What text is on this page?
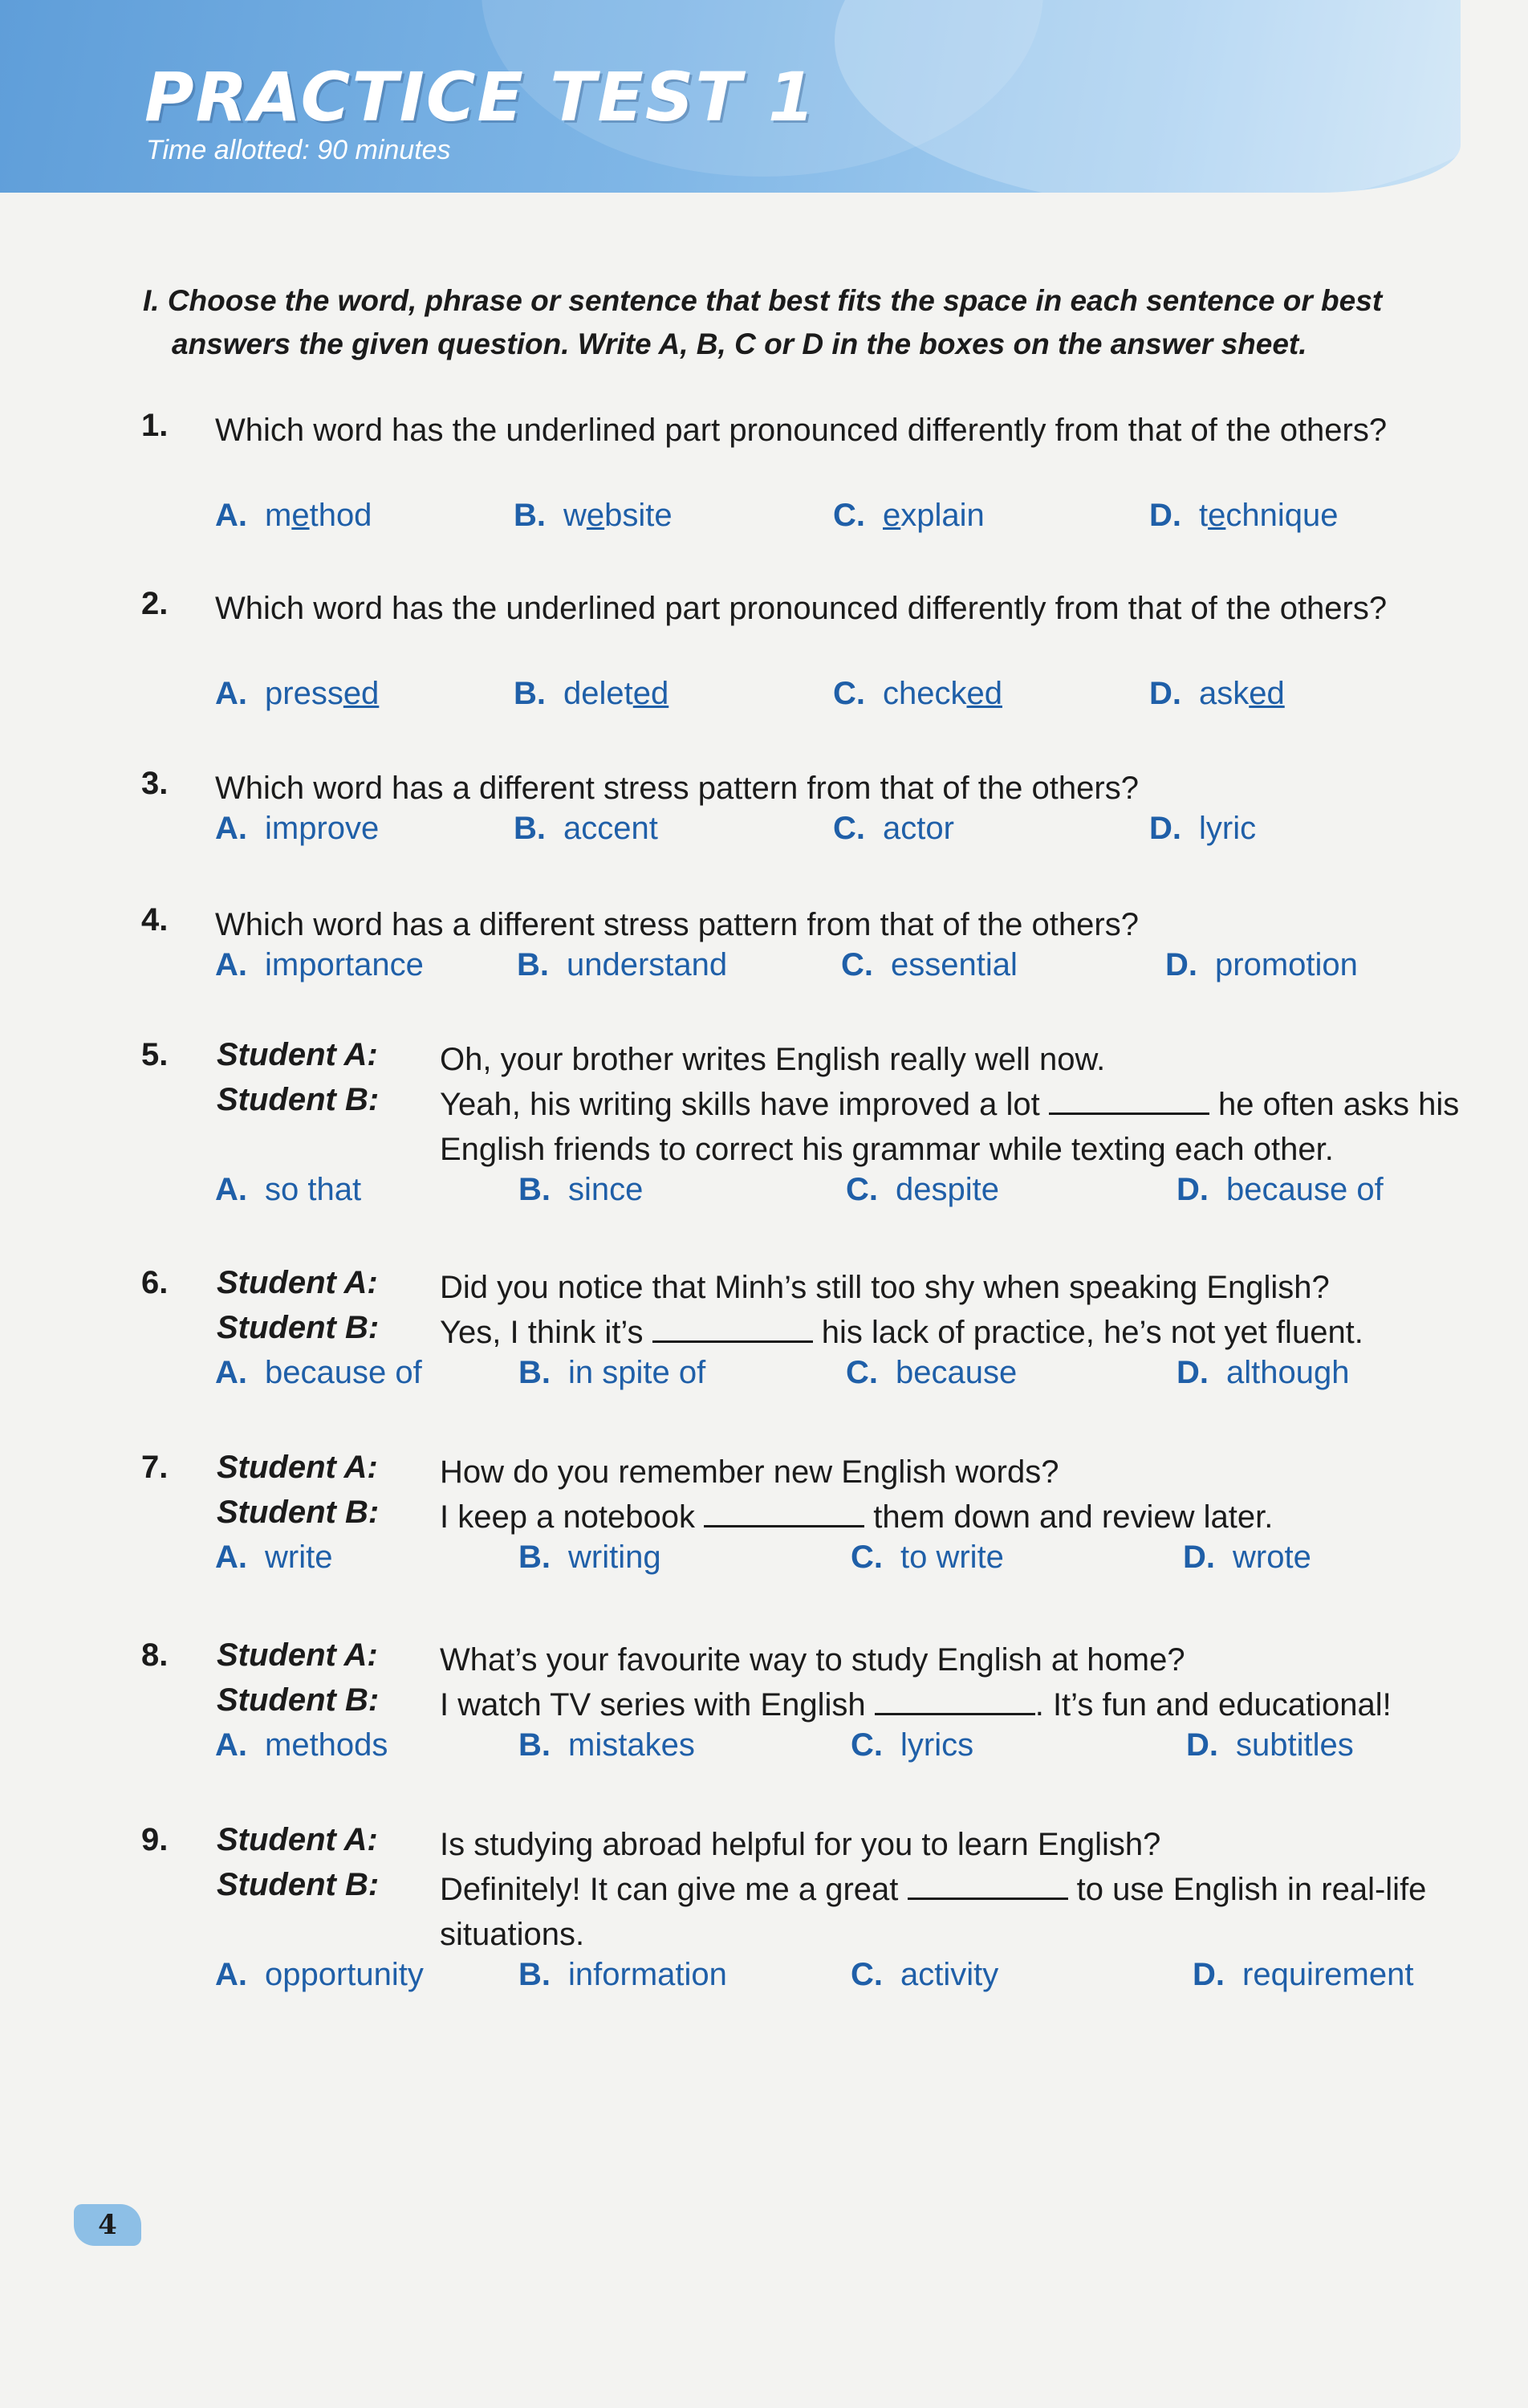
PRACTICE TEST 1

Time allotted: 90 minutes

I. Choose the word, phrase or sentence that best fits the space in each sentence or best
answers the given question. Write A, B, C or D in the boxes on the answer sheet.
1. Which word has the underlined part pronounced differently from that of the others?
A. method	B. website	C. explain	D. technique
2. Which word has the underlined part pronounced differently from that of the others?
A. pressed	B. deleted	C. checked	D. asked
3. Which word has a different stress pattern from that of the others?
A. improve	B. accent	C. actor	D. lyric
4. Which word has a different stress pattern from that of the others?
A. importance	B. understand	C. essential	D. promotion
5. Student A: Oh, your brother writes English really well now.
Student B: Yeah, his writing skills have improved a lot	he often asks his English friends to correct his grammar while texting each other.
A. so that	B. since	C. despite	D. because of
6. Student A: Did you notice that Minh’s still too shy when speaking English?
Student B: Yes, I think it’s	his lack of practice, he’s not yet fluent.
A. because of	B. in spite of	C. because	D. although
7. Student A: How do you remember new English words?
Student B: I keep a notebook	them down and review later.
A. write	B. writing	C. to write	D. wrote
8. Student A: What’s your favourite way to study English at home?
Student B: I watch TV series with English	. It’s fun and educational!
A. methods	B. mistakes	C. lyrics	D. subtitles
9. Student A: Is studying abroad helpful for you to learn English?
Student B: Definitely! It can give me a great	to use English in real-life situations.
A. opportunity	B. information	C. activity	D. requirement
4
